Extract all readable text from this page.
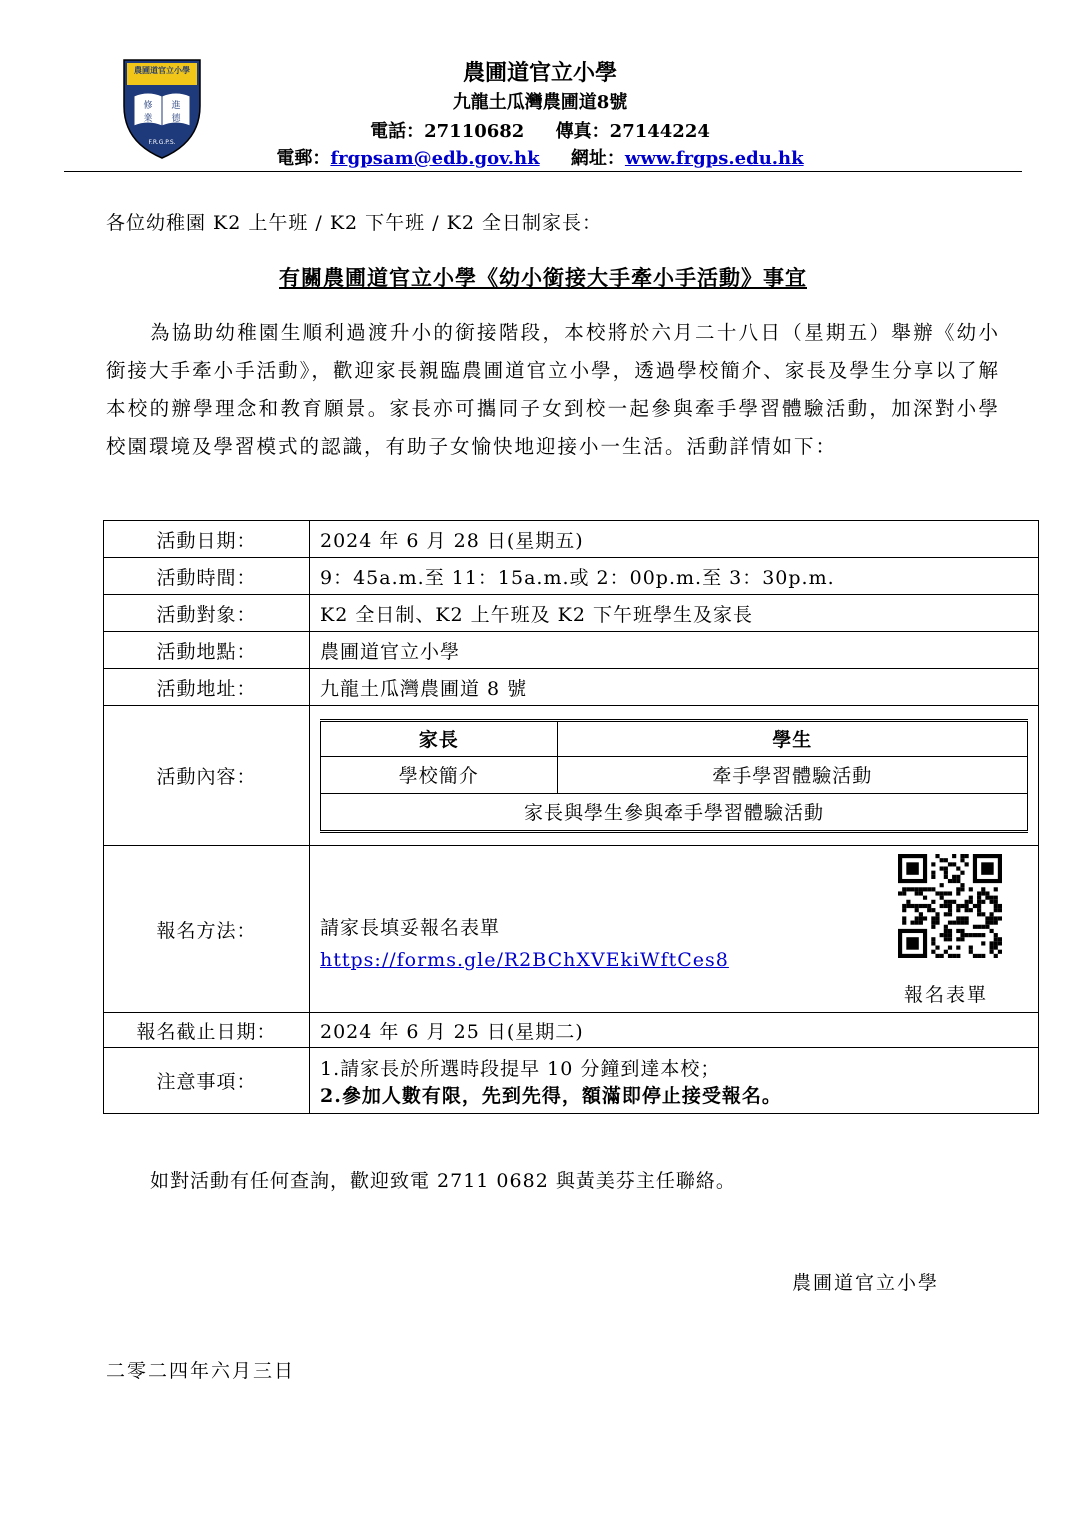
農圃道官立小學
修
業
進
德
F.R.G.P.S.
農圃道官立小學
九龍土瓜灣農圃道8號
電話：27110682 傳真：27144224
電郵：frgpsam@edb.gov.hk 網址：www.frgps.edu.hk
各位幼稚園 K2 上午班 / K2 下午班 / K2 全日制家長：
有關農圃道官立小學《幼小銜接大手牽小手活動》事宜

為協助幼稚園生順利過渡升小的銜接階段，本校將於六月二十八日（星期五）舉辦《幼小銜接大手牽小手活動》，歡迎家長親臨農圃道官立小學，透過學校簡介、家長及學生分享以了解本校的辦學理念和教育願景。家長亦可攜同子女到校一起參與牽手學習體驗活動，加深對小學校園環境及學習模式的認識，有助子女愉快地迎接小一生活。活動詳情如下：

活動日期：	2024 年 6 月 28 日(星期五)
活動時間：	9：45a.m.至 11：15a.m.或 2：00p.m.至 3：30p.m.
活動對象：	K2 全日制、K2 上午班及 K2 下午班學生及家長
活動地點：	農圃道官立小學
活動地址：	九龍土瓜灣農圃道 8 號
活動內容：	
家長	學生
學校簡介	牽手學習體驗活動
家長與學生參與牽手學習體驗活動

報名方法：	請家長填妥報名表單
https://forms.gle/R2BChXVEkiWftCes8
報名表單

報名截止日期：	2024 年 6 月 25 日(星期二)
注意事項：	
1.請家長於所選時段提早 10 分鐘到達本校；
2.參加人數有限，先到先得，額滿即停止接受報名。
如對活動有任何查詢，歡迎致電 2711 0682 與黃美芬主任聯絡。
農圃道官立小學
二零二四年六月三日
